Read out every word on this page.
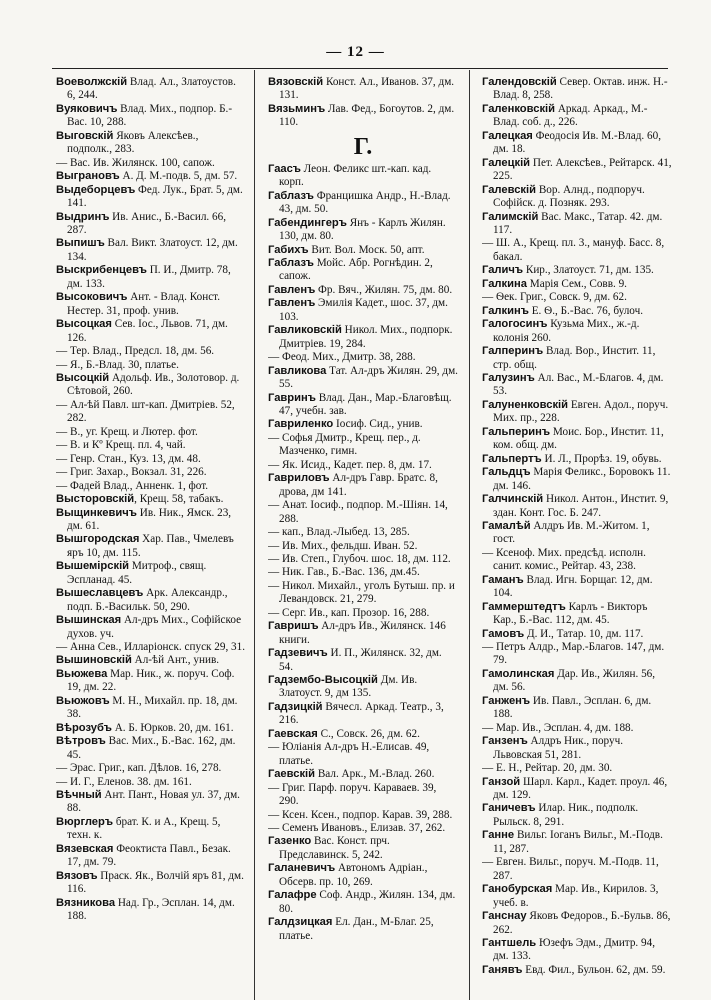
— 12 —

Воеволжскій Влад. Ал., Златоустов. 6, 244.

Вуяковичъ Влад. Мих., подпор. Б.-Вас. 10, 288.

Выговскій Яковъ Алексѣев., подполк., 283.

— Вас. Ив. Жилянск. 100, сапож.

Выграновъ А. Д. М.-подв. 5, дм. 57.

Выдеборцевъ Фед. Лук., Брат. 5, дм. 141.

Выдринъ Ив. Анис., Б.-Васил. 66, 287.

Выпишъ Вал. Викт. Златоуст. 12, дм. 134.

Выскрибенцевъ П. И., Дмитр. 78, дм. 133.

Высоковичъ Ант. - Влад. Конст. Нестер. 31, проф. унив.

Высоцкая Сев. Іос., Львов. 71, дм. 126.

— Тер. Влад., Предсл. 18, дм. 56.

— Я., Б.-Влад. 30, платье.

Высоцкій Адольф. Ив., Золотовор. д. Сѣтовой, 260.

— Ал-ѣй Павл. шт-кап. Дмитріев. 52, 282.

— В., уг. Крещ. и Лютер. фот.

— В. и Кº Крещ. пл. 4, чай.

— Генр. Стан., Куз. 13, дм. 48.

— Григ. Захар., Вокзал. 31, 226.

— Фадей Влад., Анненк. 1, фот.

Высторовскій, Крещ. 58, табакъ.

Выщинкевичъ Ив. Ник., Ямск. 23, дм. 61.

Вышгородская Хар. Пав., Чмелевъ яръ 10, дм. 115.

Вышемірскій Митроф., свящ. Эспланад. 45.

Вышеславцевъ Арк. Александр., подп. Б.-Васильк. 50, 290.

Вышинская Ал-дръ Мих., Софійское духов. уч.

— Анна Сев., Илларіонск. спуск 29, 31.

Вышиновскій Ал-ѣй Ант., унив.

Вьюжева Мар. Ник., ж. поруч. Соф. 19, дм. 22.

Вьюжовъ М. Н., Михайл. пр. 18, дм. 38.

Вѣрозубъ А. Б. Юрков. 20, дм. 161.

Вѣтровъ Вас. Мих., Б.-Вас. 162, дм. 45.

— Эрас. Григ., кап. Дѣлов. 16, 278.

— И. Г., Еленов. 38. дм. 161.

Вѣчный Ант. Пант., Новая ул. 37, дм. 88.

Вюрглеръ брат. К. и А., Крещ. 5, техн. к.

Вязевская Феоктиста Павл., Безак. 17, дм. 79.

Вязовъ Праск. Як., Волчій яръ 81, дм. 116.

Вязникова Над. Гр., Эсплан. 14, дм. 188.

Вязовскій Конст. Ал., Иванов. 37, дм. 131.

Вязьминъ Лав. Фед., Богоутов. 2, дм. 110.

Г.

Гаасъ Леон. Феликс шт.-кап. кад. корп.

Габлазъ Францишка Андр., Н.-Влад. 43, дм. 50.

Габендингеръ Янъ - Карлъ Жилян. 130, дм. 80.

Габихъ Вит. Вол. Моск. 50, апт.

Габлазъ Мойс. Абр. Рогнѣдин. 2, сапож.

Гавленъ Фр. Вяч., Жилян. 75, дм. 80.

Гавленъ Эмилія Кадет., шос. 37, дм. 103.

Гавликовскій Никол. Мих., подпорк. Дмитріев. 19, 284.

— Феод. Мих., Дмитр. 38, 288.

Гавликова Тат. Ал-дръ Жилян. 29, дм. 55.

Гавринъ Влад. Дан., Мар.-Благовѣщ. 47, учебн. зав.

Гавриленко Іосиф. Сид., унив.

— Софья Дмитр., Крещ. пер., д. Мазченко, гимн.

— Як. Исид., Кадет. пер. 8, дм. 17.

Гавриловъ Ал-дръ Гавр. Братс. 8, дрова, дм 141.

— Анат. Іосиф., подпор. М.-Шіян. 14, 288.

— кап., Влад.-Лыбед. 13, 285.

— Ив. Мих., фельдш. Иван. 52.

— Ив. Степ., Глубоч. шос. 18, дм. 112.

— Ник. Гав., Б.-Вас. 136, дм.45.

— Никол. Михайл., уголъ Бутыш. пр. и Левандовск. 21, 279.

— Серг. Ив., кап. Прозор. 16, 288.

Гавришъ Ал-дръ Ив., Жилянск. 146 книги.

Гадзевичъ И. П., Жилянск. 32, дм. 54.

Гадзембо-Высоцкій Дм. Ив. Златоуст. 9, дм 135.

Гадзицкій Вячесл. Аркад. Театр., 3, 216.

Гаевская С., Совск. 26, дм. 62.

— Юліанія Ал-дръ Н.-Елисав. 49, платье.

Гаевскій Вал. Арк., М.-Влад. 260.

— Григ. Парф. поруч. Караваев. 39, 290.

— Ксен. Ксен., подпор. Карав. 39, 288.

— Семенъ Ивановъ., Елизав. 37, 262.

Газенко Вас. Конст. прч. Предславинск. 5, 242.

Галаневичъ Автономъ Адріан., Обсерв. пр. 10, 269.

Галафре Соф. Андр., Жилян. 134, дм. 80.

Галдзицкая Ел. Дан., М-Благ. 25, платье.

Галендовскій Север. Октав. инж. Н.-Влад. 8, 258.

Галенковскій Аркад. Аркад., М.-Влад. соб. д., 226.

Галецкая Феодосія Ив. М.-Влад. 60, дм. 18.

Галецкій Пет. Алексѣев., Рейтарск. 41, 225.

Галевскій Вор. Алнд., подпоруч. Софійск. д. Позняк. 293.

Галимскій Вас. Макс., Татар. 42. дм. 117.

— Ш. А., Крещ. пл. 3., мануф. Басс. 8, бакал.

Галичъ Кир., Златоуст. 71, дм. 135.

Галкина Марія Сем., Совв. 9.

— Ѳек. Григ., Совск. 9, дм. 62.

Галкинъ Е. Ѳ., Б.-Вас. 76, булоч.

Галогосинъ Кузьма Мих., ж.-д. колонія 260.

Галперинъ Влад. Вор., Инстит. 11, стр. общ.

Галузинъ Ал. Вас., М.-Благов. 4, дм. 53.

Галуненковскій Евген. Адол., поруч. Мих. пр., 228.

Гальперинъ Моис. Бор., Инстит. 11, ком. общ. дм.

Гальпертъ И. Л., Прорѣз. 19, обувь.

Гальдцъ Марія Феликс., Боровокъ 11. дм. 146.

Галчинскій Никол. Антон., Инстит. 9, здан. Конт. Гос. Б. 247.

Гамалѣй Алдръ Ив. М.-Житом. 1, гост.

— Ксеноф. Мих. предсѣд. исполн. санит. комис., Рейтар. 43, 238.

Гаманъ Влад. Игн. Борщаг. 12, дм. 104.

Гаммерштедтъ Карлъ - Викторъ Кар., Б.-Вас. 112, дм. 45.

Гамовъ Д. И., Татар. 10, дм. 117.

— Петръ Алдр., Мар.-Благов. 147, дм. 79.

Гамолинская Дар. Ив., Жилян. 56, дм. 56.

Ганженъ Ив. Павл., Эсплан. 6, дм. 188.

— Мар. Ив., Эсплан. 4, дм. 188.

Ганзенъ Алдръ Ник., поруч. Львовская 51, 281.

— Е. Н., Рейтар. 20, дм. 30.

Ганзой Шарл. Карл., Кадет. проул. 46, дм. 129.

Ганичевъ Илар. Ник., подполк. Рыльск. 8, 291.

Ганне Вильг. Іоганъ Вильг., М.-Подв. 11, 287.

— Евген. Вильг., поруч. М.-Подв. 11, 287.

Ганобурская Мар. Ив., Кирилов. 3, учеб. в.

Ганснау Яковъ Федоров., Б.-Бульв. 86, 262.

Гантшель Юзефъ Эдм., Дмитр. 94, дм. 133.

Ганявъ Евд. Фил., Бульон. 62, дм. 59.
